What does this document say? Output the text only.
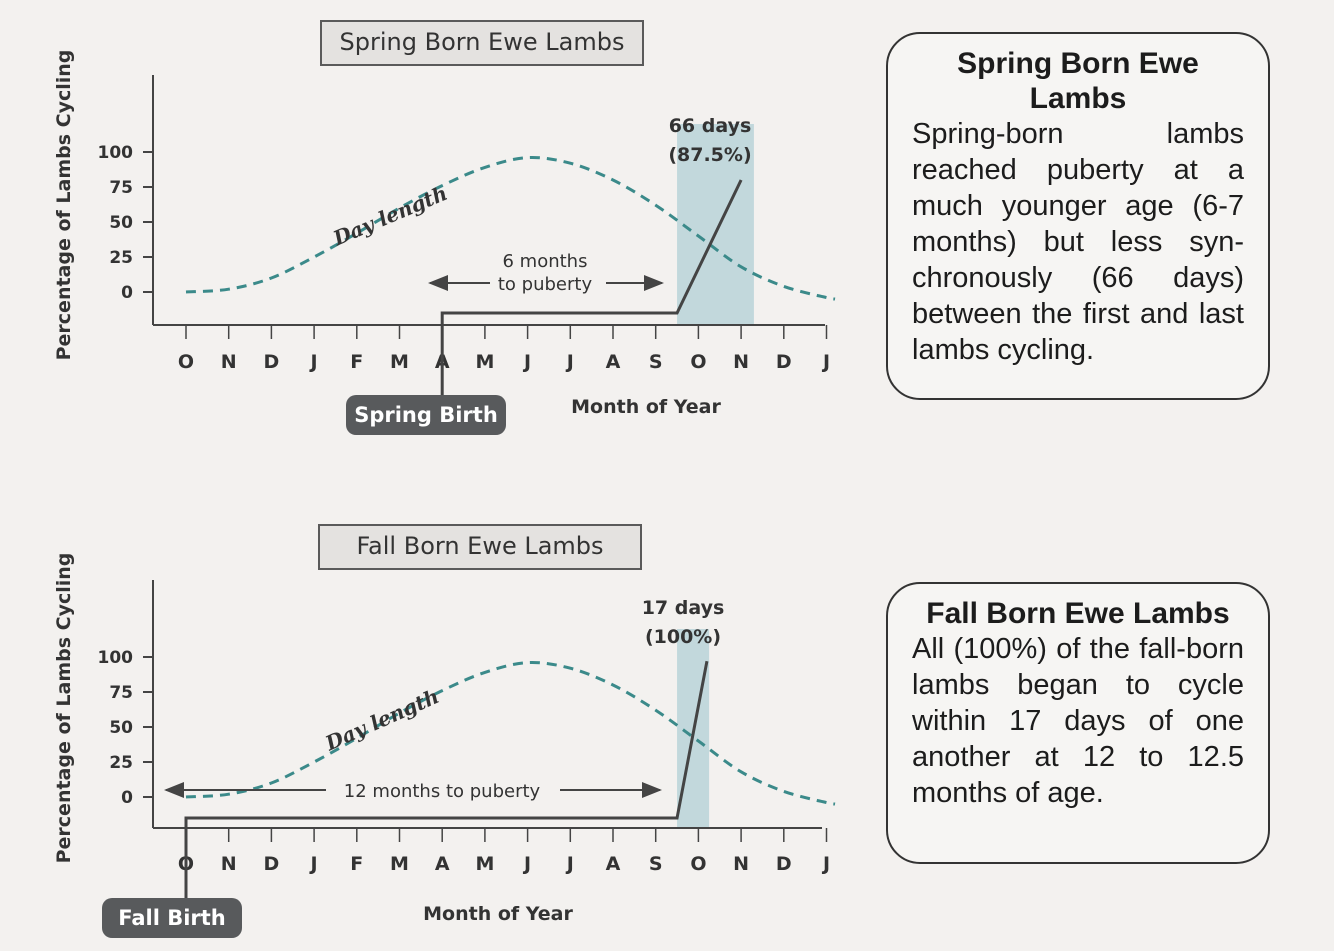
Spring Born Ewe Lambs
100
75
50
25
0
O N D J F M A M J J A S O N D J
Percentage of Lambs Cycling
Month of Year
Day length
6 months
to puberty
66 days
(87.5%)
Spring Birth
Fall Born Ewe Lambs
100
75
50
25
0
O N D J F M A M J J A S O N D J
Percentage of Lambs Cycling
Month of Year
Day length
12 months to puberty
17 days
(100%)
Fall Birth
Spring Born Ewe Lambs
Spring-born lambs reached puberty at a much younger age (6-7 months) but less syn-chronously (66 days) between the first and last lambs cycling.
Fall Born Ewe Lambs
All (100%) of the fall-born lambs began to cycle within 17 days of one another at 12 to 12.5 months of age.
